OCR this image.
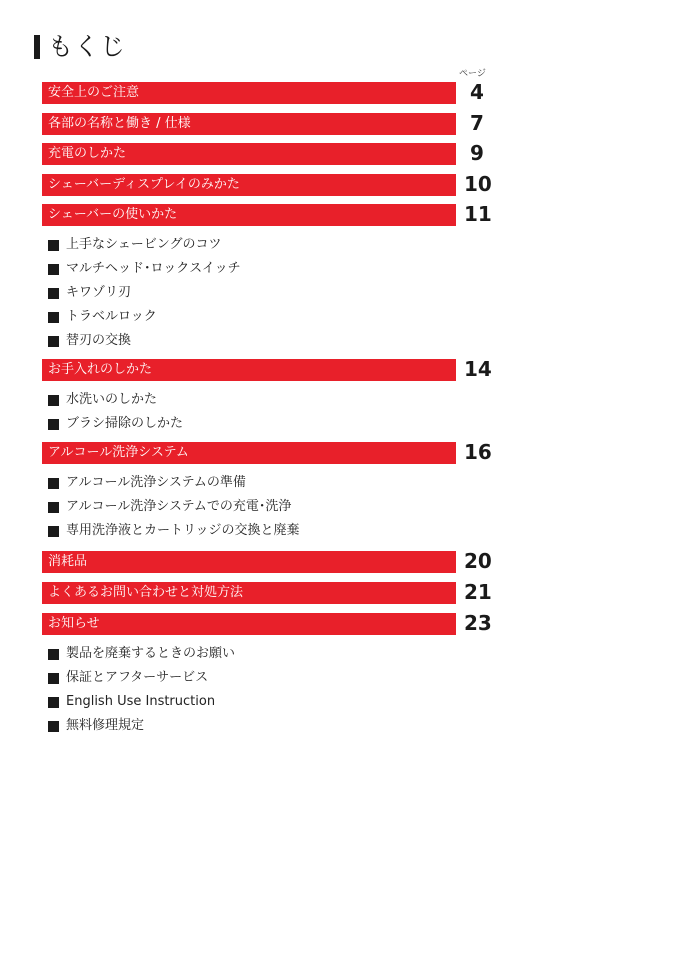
もくじ
ページ
安全上のご注意	4
各部の名称と働き / 仕様	7
充電のしかた	9
シェーバーディスプレイのみかた	10
シェーバーの使いかた	11
上手なシェービングのコツ
マルチヘッド･ロックスイッチ
キワゾリ刃
トラベルロック
替刃の交換
お手入れのしかた	14
水洗いのしかた
ブラシ掃除のしかた
アルコール洗浄システム	16
アルコール洗浄システムの準備
アルコール洗浄システムでの充電･洗浄
専用洗浄液とカートリッジの交換と廃棄
消耗品	20
よくあるお問い合わせと対処方法	21
お知らせ	23
製品を廃棄するときのお願い
保証とアフターサービス
English Use Instruction
無料修理規定
